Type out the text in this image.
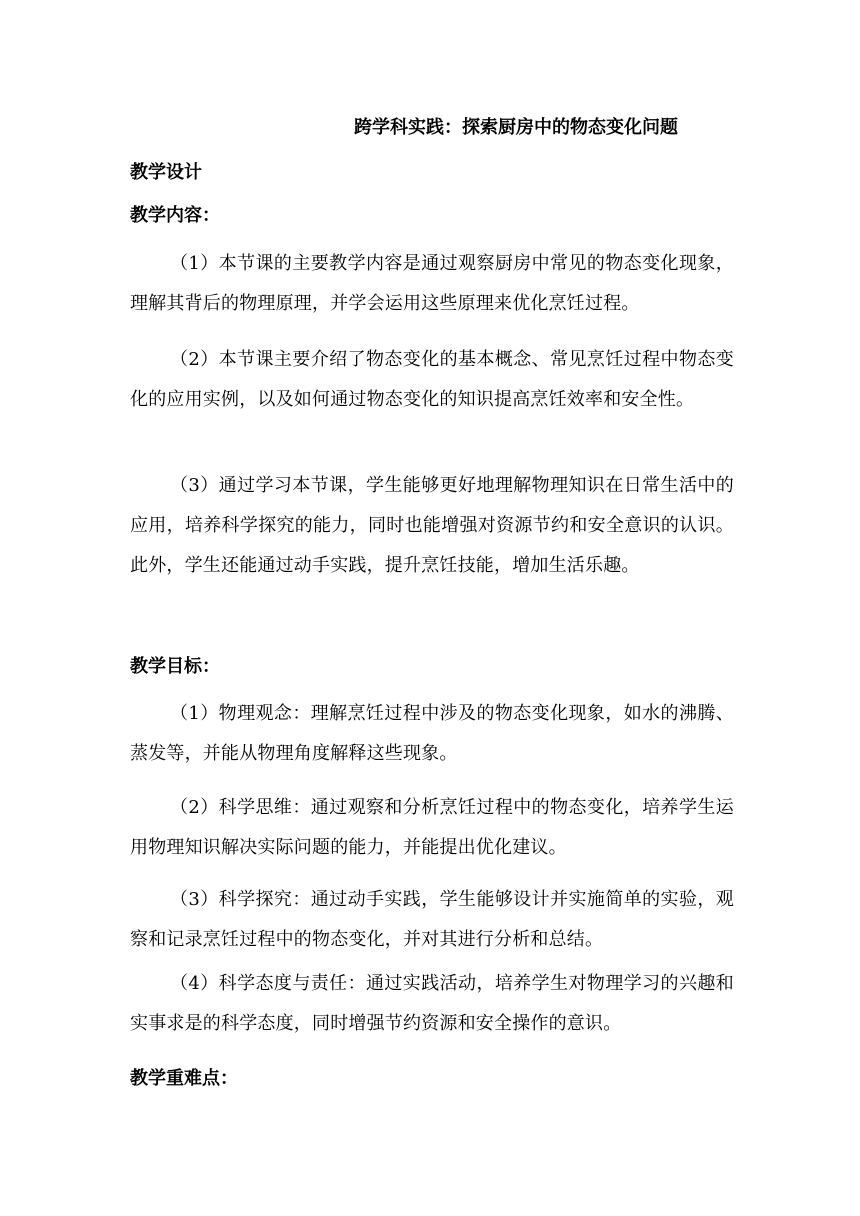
跨学科实践：探索厨房中的物态变化问题
教学设计
教学内容：
（1）本节课的主要教学内容是通过观察厨房中常见的物态变化现象，理解其背后的物理原理，并学会运用这些原理来优化烹饪过程。
（2）本节课主要介绍了物态变化的基本概念、常见烹饪过程中物态变化的应用实例，以及如何通过物态变化的知识提高烹饪效率和安全性。
（3）通过学习本节课，学生能够更好地理解物理知识在日常生活中的应用，培养科学探究的能力，同时也能增强对资源节约和安全意识的认识。此外，学生还能通过动手实践，提升烹饪技能，增加生活乐趣。
教学目标：
（1）物理观念：理解烹饪过程中涉及的物态变化现象，如水的沸腾、蒸发等，并能从物理角度解释这些现象。
（2）科学思维：通过观察和分析烹饪过程中的物态变化，培养学生运用物理知识解决实际问题的能力，并能提出优化建议。
（3）科学探究：通过动手实践，学生能够设计并实施简单的实验，观察和记录烹饪过程中的物态变化，并对其进行分析和总结。
（4）科学态度与责任：通过实践活动，培养学生对物理学习的兴趣和实事求是的科学态度，同时增强节约资源和安全操作的意识。
教学重难点：
